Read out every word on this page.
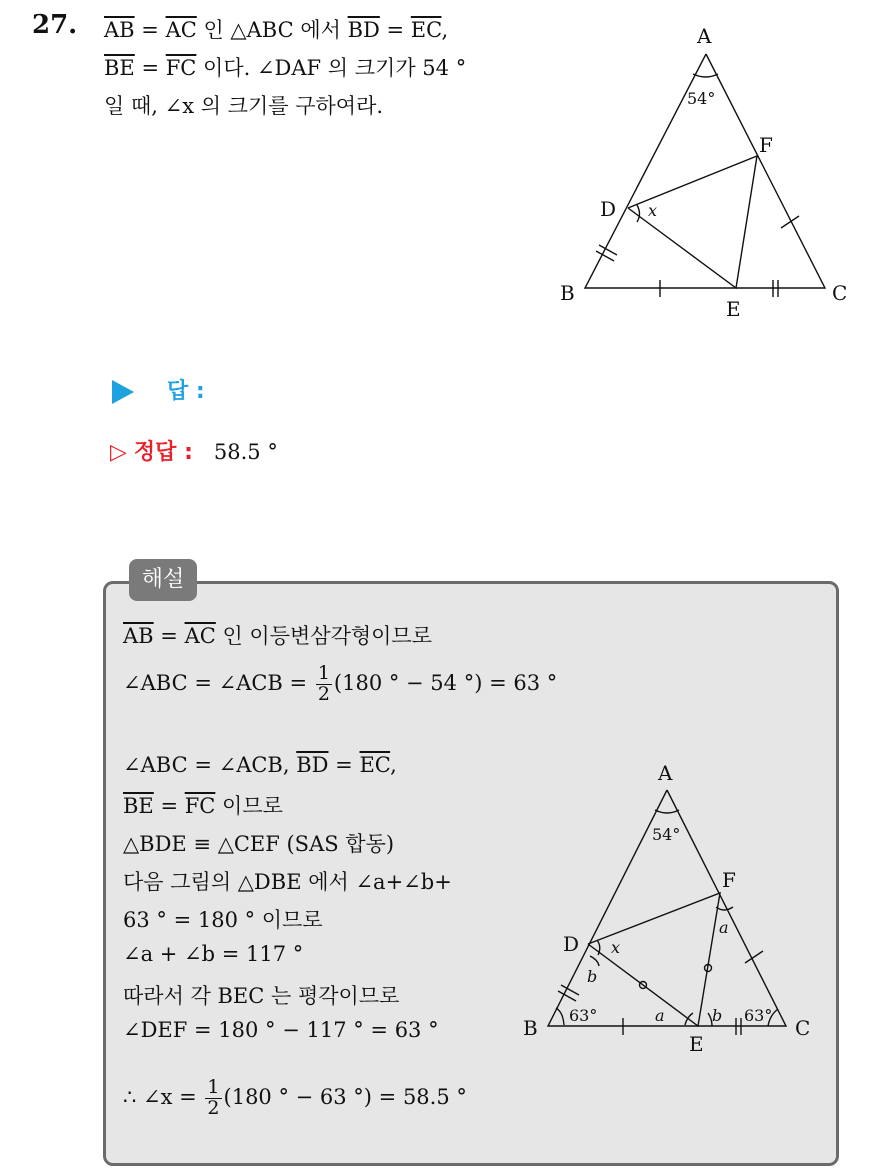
27. $\overline{AB} = \overline{AC}$ 인 △ABC 에서 $\overline{BD} = \overline{EC}$,
$\overline{BE} = \overline{FC}$ 이다. ∠DAF 의 크기가 54 °
일 때, ∠x 의 크기를 구하여라.
A
B	C
D
E
F
54°
x
답 :
▷ 정답 : 58.5 °
해설
$\overline{AB} = \overline{AC}$ 인 이등변삼각형이므로
∠ABC = ∠ACB = $\frac{1}{2} (180$ ° − 54 °) = 63 °
∠ABC = ∠ACB, $\overline{BD} = \overline{EC}$,
$\overline{BE} = \overline{FC}$ 이므로
△BDE ≡ △CEF (SAS 합동)
다음 그림의 △DBE 에서 ∠a+∠b+
63 ° = 180 ° 이므로
∠a + ∠b = 117 °
따라서 각 BEC 는 평각이므로
∠DEF = 180 ° − 117 ° = 63 °
∴ ∠x = $\frac{1}{2} (180$ ° − 63 °) = 58.5 °
A
B	C
D
E
F
54°
63°	63°
x
a
a
b
b
